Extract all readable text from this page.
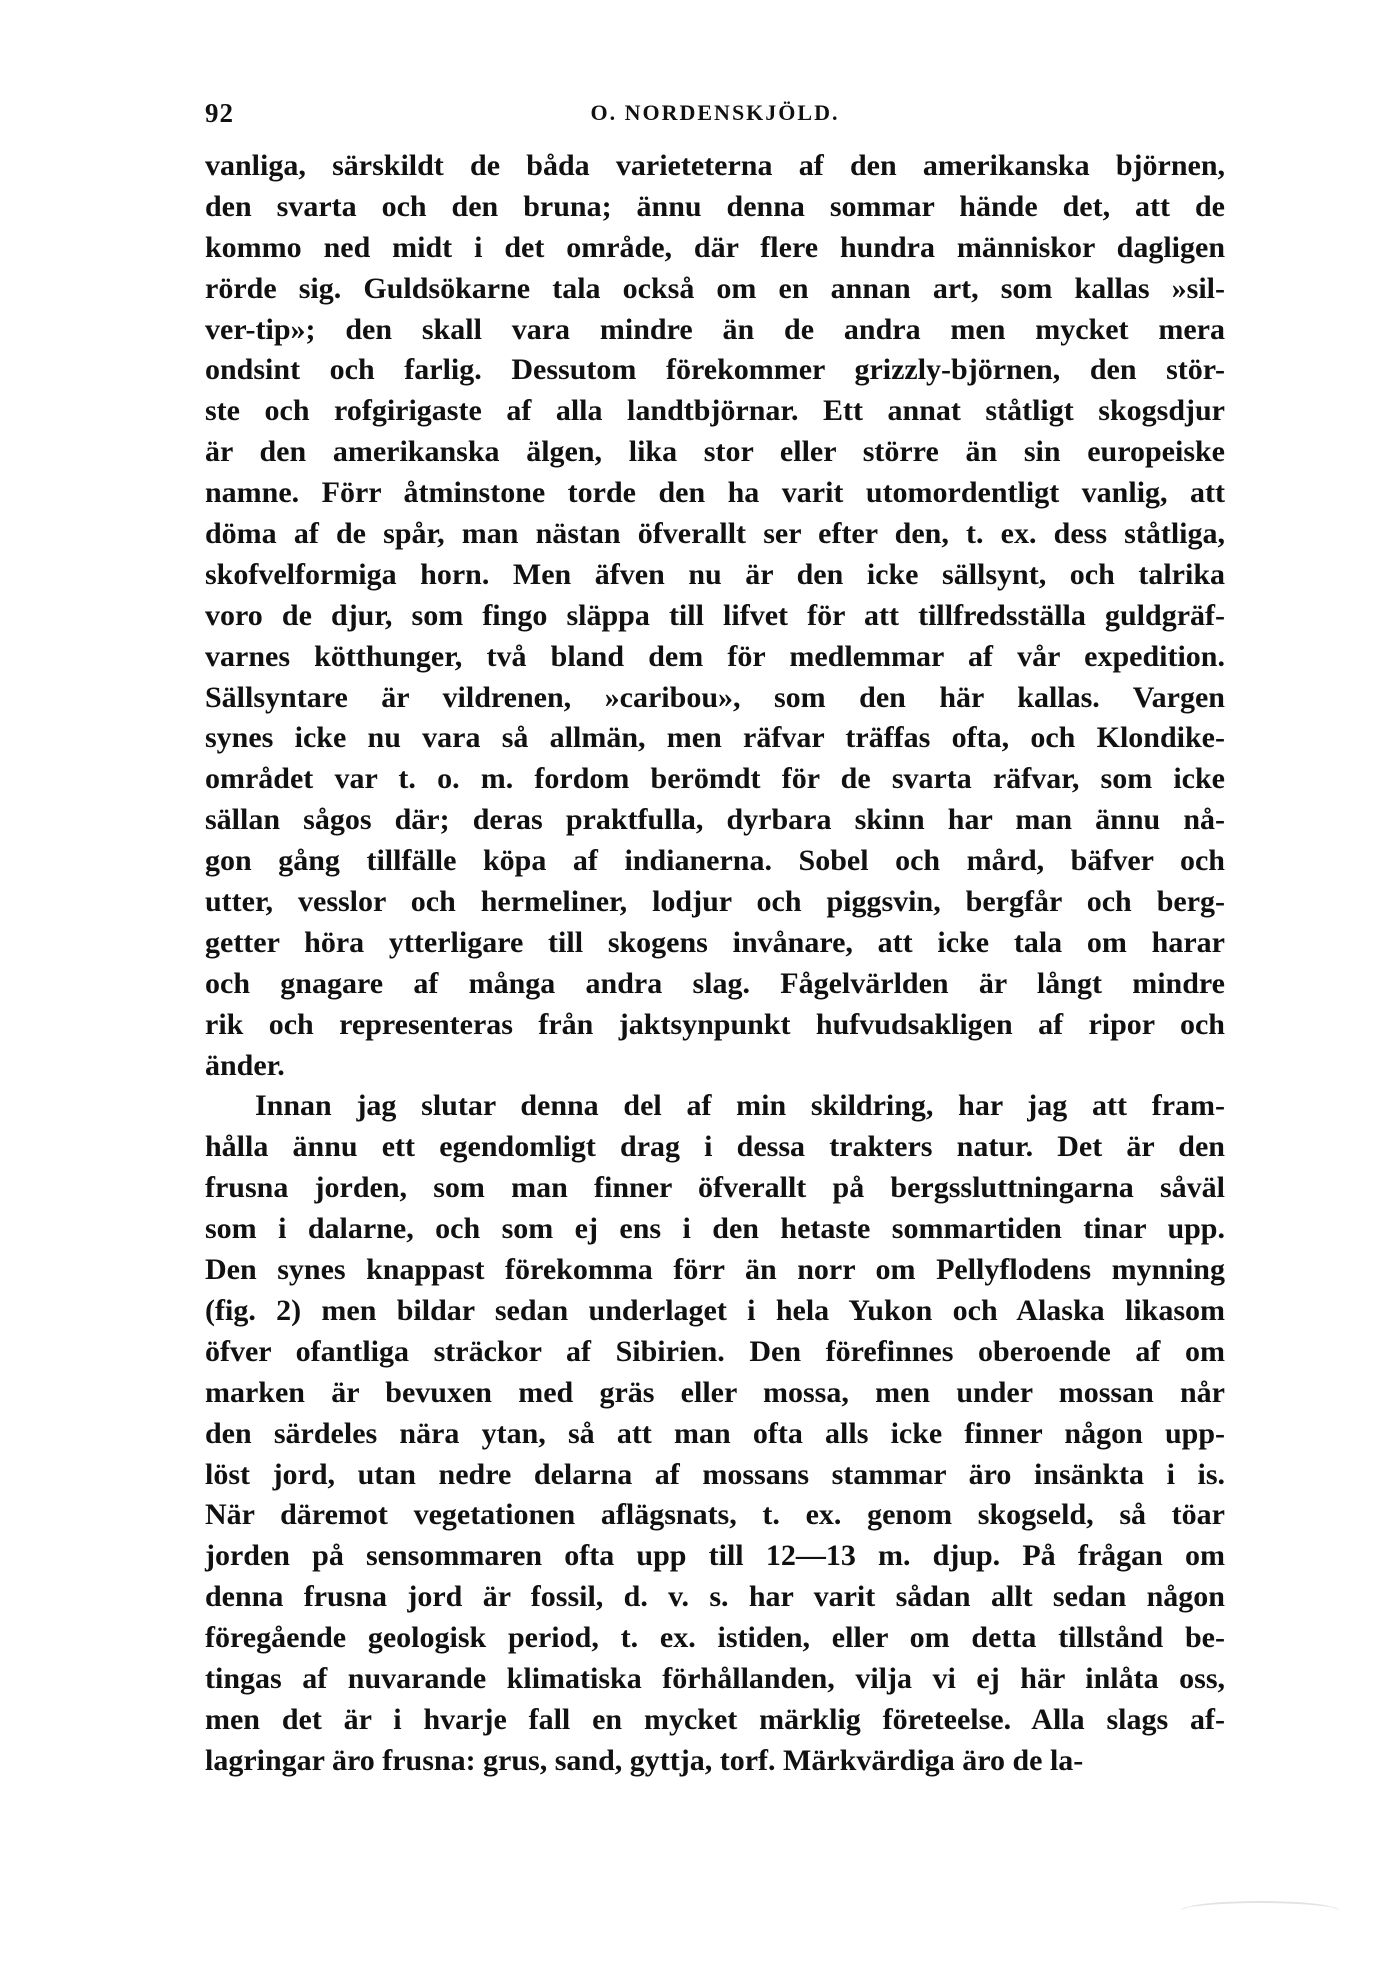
92	O. NORDENSKJÖLD.
vanliga, särskildt de båda varieteterna af den amerikanska björnen,
den svarta och den bruna; ännu denna sommar hände det, att de
kommo ned midt i det område, där flere hundra människor dagligen
rörde sig. Guldsökarne tala också om en annan art, som kallas »sil-
ver-tip»; den skall vara mindre än de andra men mycket mera
ondsint och farlig. Dessutom förekommer grizzly-björnen, den stör-
ste och rofgirigaste af alla landtbjörnar. Ett annat ståtligt skogsdjur
är den amerikanska älgen, lika stor eller större än sin europeiske
namne. Förr åtminstone torde den ha varit utomordentligt vanlig, att
döma af de spår, man nästan öfverallt ser efter den, t. ex. dess ståtliga,
skofvelformiga horn. Men äfven nu är den icke sällsynt, och talrika
voro de djur, som fingo släppa till lifvet för att tillfredsställa guldgräf-
varnes kötthunger, två bland dem för medlemmar af vår expedition.
Sällsyntare är vildrenen, »caribou», som den här kallas. Vargen
synes icke nu vara så allmän, men räfvar träffas ofta, och Klondike-
området var t. o. m. fordom berömdt för de svarta räfvar, som icke
sällan sågos där; deras praktfulla, dyrbara skinn har man ännu nå-
gon gång tillfälle köpa af indianerna. Sobel och mård, bäfver och
utter, vesslor och hermeliner, lodjur och piggsvin, bergfår och berg-
getter höra ytterligare till skogens invånare, att icke tala om harar
och gnagare af många andra slag. Fågelvärlden är långt mindre
rik och representeras från jaktsynpunkt hufvudsakligen af ripor och
änder.
Innan jag slutar denna del af min skildring, har jag att fram-
hålla ännu ett egendomligt drag i dessa trakters natur. Det är den
frusna jorden, som man finner öfverallt på bergssluttningarna såväl
som i dalarne, och som ej ens i den hetaste sommartiden tinar upp.
Den synes knappast förekomma förr än norr om Pellyflodens mynning
(fig. 2) men bildar sedan underlaget i hela Yukon och Alaska likasom
öfver ofantliga sträckor af Sibirien. Den förefinnes oberoende af om
marken är bevuxen med gräs eller mossa, men under mossan når
den särdeles nära ytan, så att man ofta alls icke finner någon upp-
löst jord, utan nedre delarna af mossans stammar äro insänkta i is.
När däremot vegetationen aflägsnats, t. ex. genom skogseld, så töar
jorden på sensommaren ofta upp till 12—13 m. djup. På frågan om
denna frusna jord är fossil, d. v. s. har varit sådan allt sedan någon
föregående geologisk period, t. ex. istiden, eller om detta tillstånd be-
tingas af nuvarande klimatiska förhållanden, vilja vi ej här inlåta oss,
men det är i hvarje fall en mycket märklig företeelse. Alla slags af-
lagringar äro frusna: grus, sand, gyttja, torf. Märkvärdiga äro de la-
